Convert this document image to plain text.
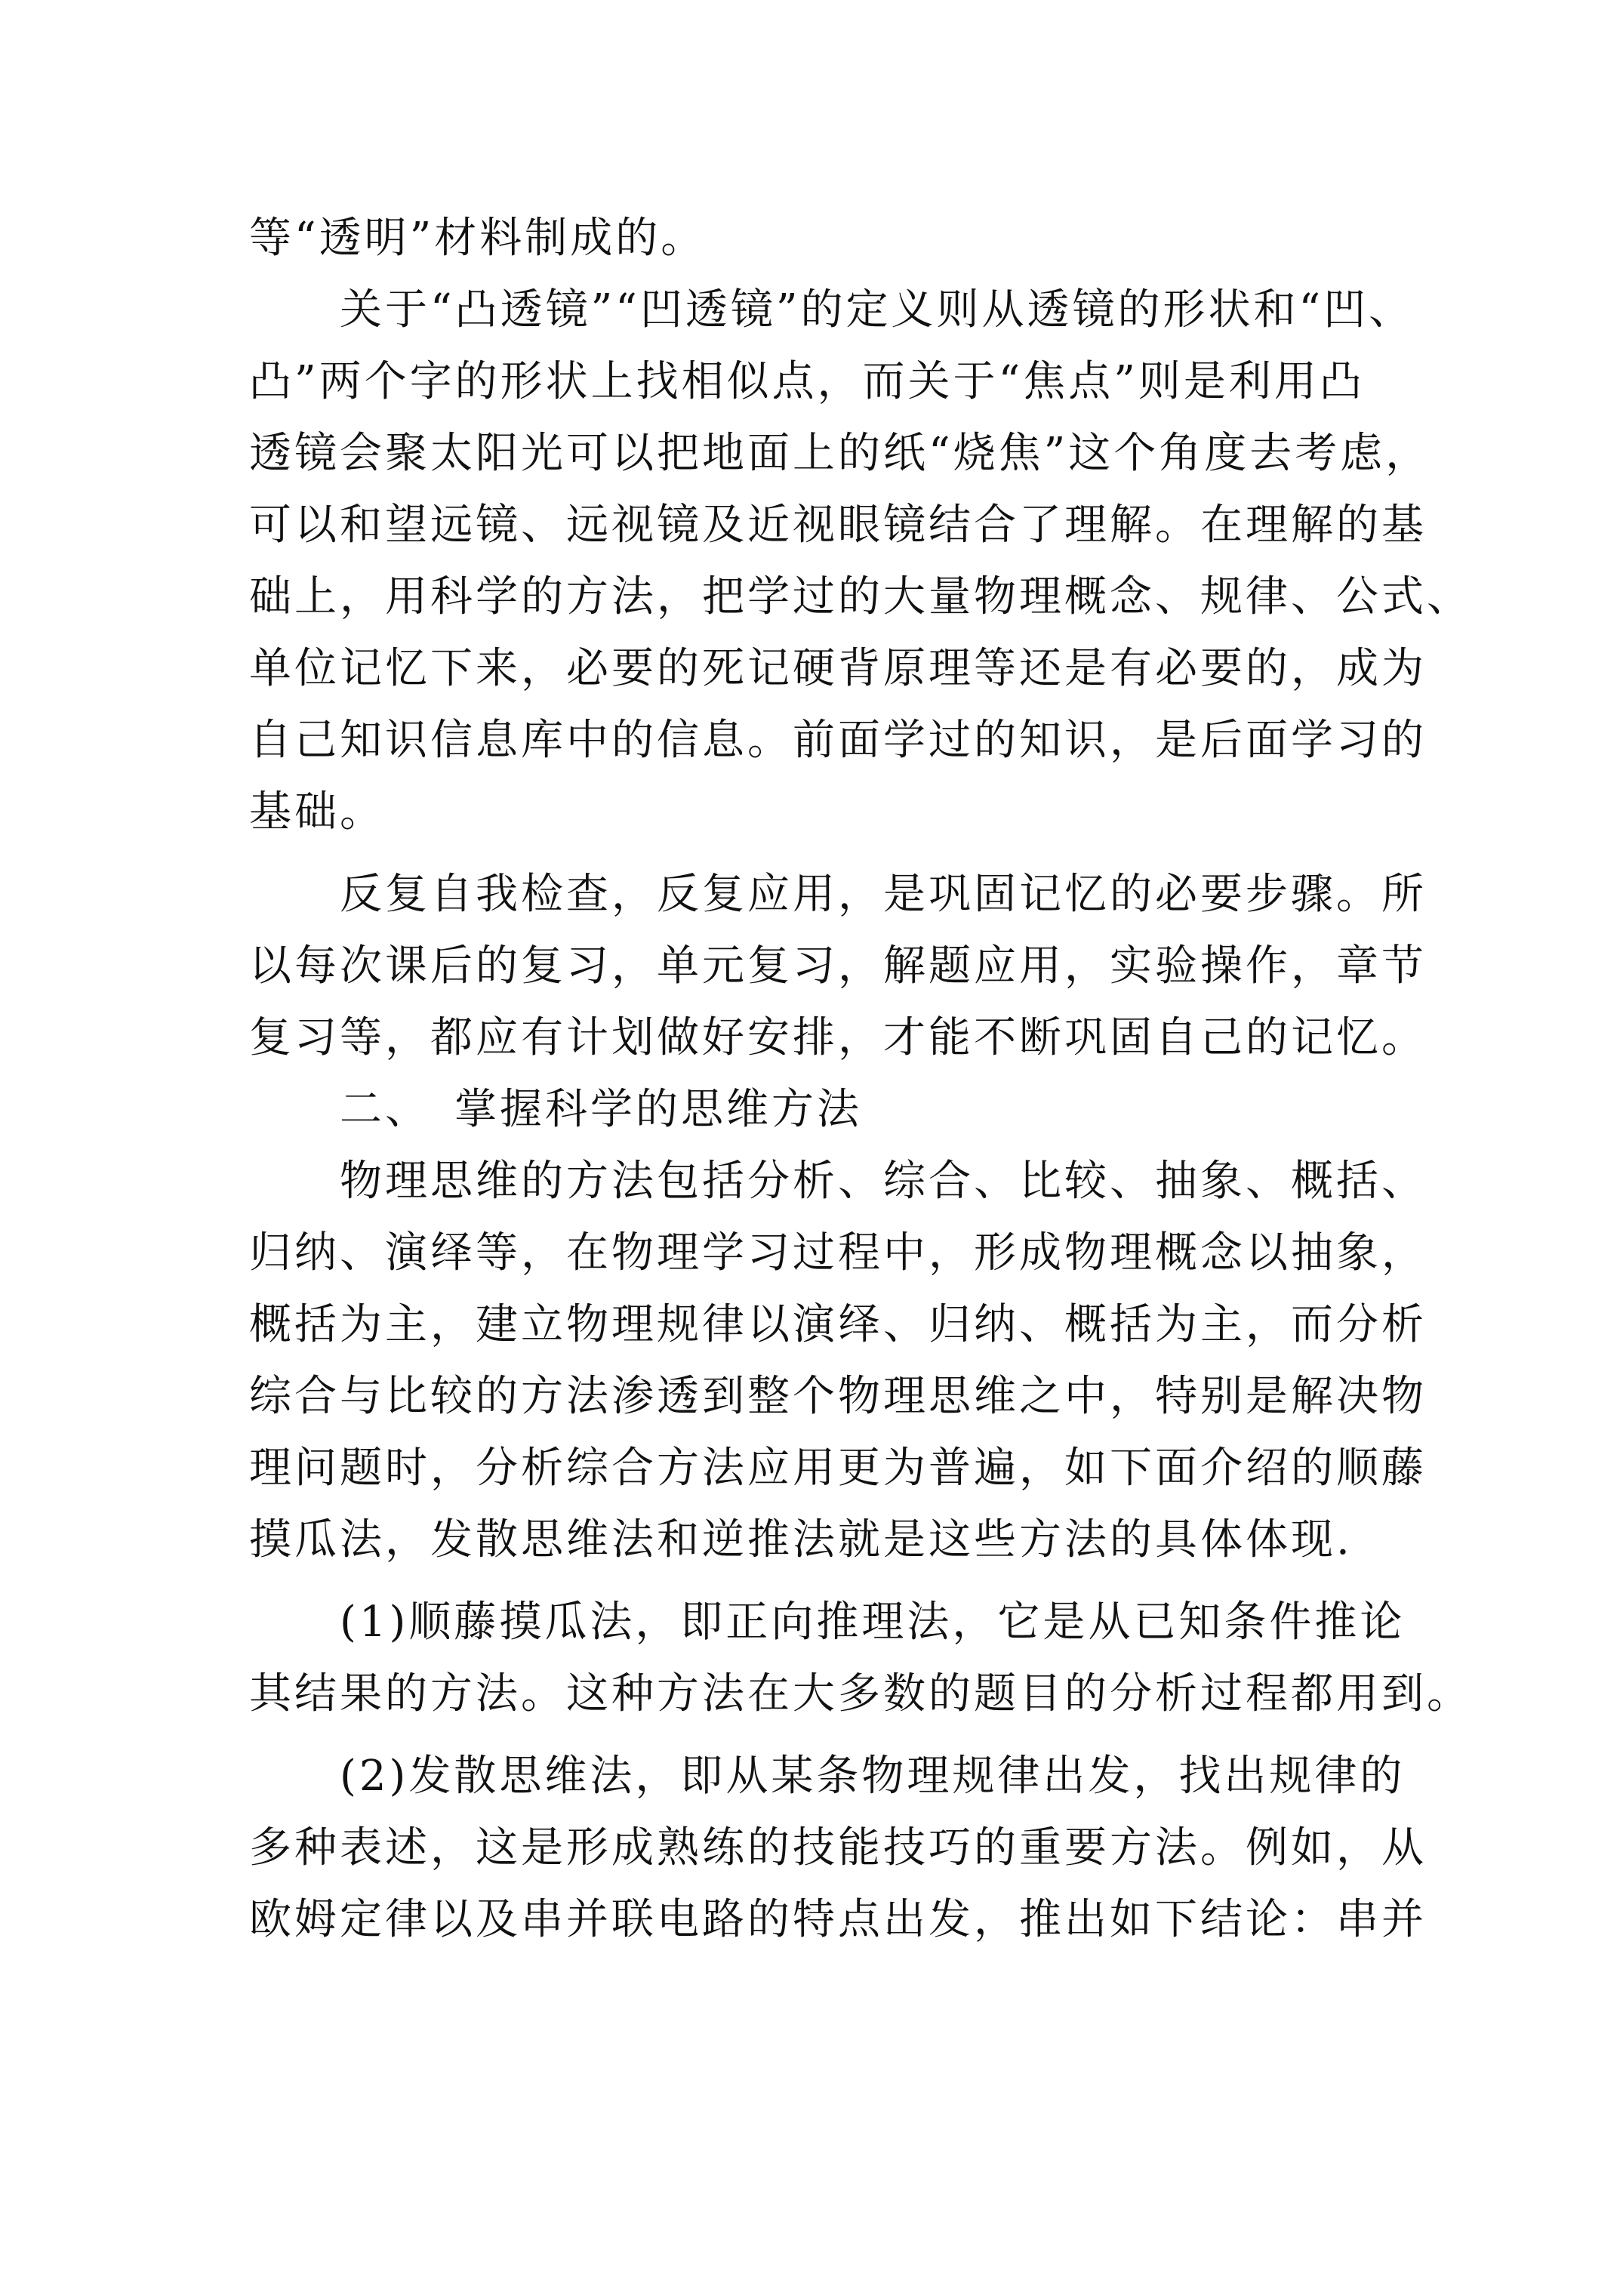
等“透明”材料制成的。
　　关于“凸透镜”“凹透镜”的定义则从透镜的形状和“凹、
凸”两个字的形状上找相似点，而关于“焦点”则是利用凸
透镜会聚太阳光可以把地面上的纸“烧焦”这个角度去考虑，
可以和望远镜、远视镜及近视眼镜结合了理解。在理解的基
础上，用科学的方法，把学过的大量物理概念、规律、公式、
单位记忆下来，必要的死记硬背原理等还是有必要的，成为
自己知识信息库中的信息。前面学过的知识，是后面学习的
基础。
　　反复自我检查，反复应用，是巩固记忆的必要步骤。所
以每次课后的复习，单元复习，解题应用，实验操作，章节
复习等，都应有计划做好安排，才能不断巩固自己的记忆。
　　二、　掌握科学的思维方法
　　物理思维的方法包括分析、综合、比较、抽象、概括、
归纳、演绎等，在物理学习过程中，形成物理概念以抽象，
概括为主，建立物理规律以演绎、归纳、概括为主，而分析
综合与比较的方法渗透到整个物理思维之中，特别是解决物
理问题时，分析综合方法应用更为普遍，如下面介绍的顺藤
摸瓜法，发散思维法和逆推法就是这些方法的具体体现.
　　(1)顺藤摸瓜法，即正向推理法，它是从已知条件推论
其结果的方法。这种方法在大多数的题目的分析过程都用到。
　　(2)发散思维法，即从某条物理规律出发，找出规律的
多种表述，这是形成熟练的技能技巧的重要方法。例如，从
欧姆定律以及串并联电路的特点出发，推出如下结论：串并
